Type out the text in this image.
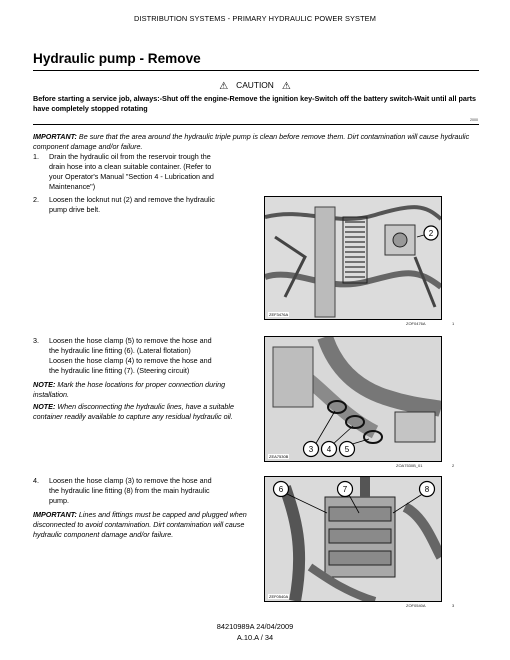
DISTRIBUTION SYSTEMS - PRIMARY HYDRAULIC POWER SYSTEM
Hydraulic pump - Remove
⚠ CAUTION ⚠
Before starting a service job, always:-Shut off the engine-Remove the ignition key-Switch off the battery switch-Wait until all parts have completely stopped rotating
2000
IMPORTANT: Be sure that the area around the hydraulic triple pump is clean before remove them. Dirt contamination will cause hydraulic component damage and/or failure.
1. Drain the hydraulic oil from the reservoir trough the
drain hose into a clean suitable container. (Refer to
your Operator's Manual "Section 4 - Lubrication and
Maintenance")
2. Loosen the locknut nut (2) and remove the hydraulic
pump drive belt.
2
ZEF3476A
ZOF0476A	1
3. Loosen the hose clamp (5) to remove the hose and
the hydraulic line fitting (6). (Lateral flotation)
Loosen the hose clamp (4) to remove the hose and
the hydraulic line fitting (7). (Steering circuit)
NOTE: Mark the hose locations for proper connection during installation.
NOTE: When disconnecting the hydraulic lines, have a suitable container readily available to capture any residual hydraulic oil.
3 4 5
ZEA7530B
ZOA7530B_01	2
4. Loosen the hose clamp (3) to remove the hose and
the hydraulic line fitting (8) from the main hydraulic
pump.
IMPORTANT: Lines and fittings must be capped and plugged when disconnected to avoid contamination. Dirt contamination will cause hydraulic component damage and/or failure.
6	7	8
ZEF0540A
ZOF0540A	3
84210989A 24/04/2009
A.10.A / 34
